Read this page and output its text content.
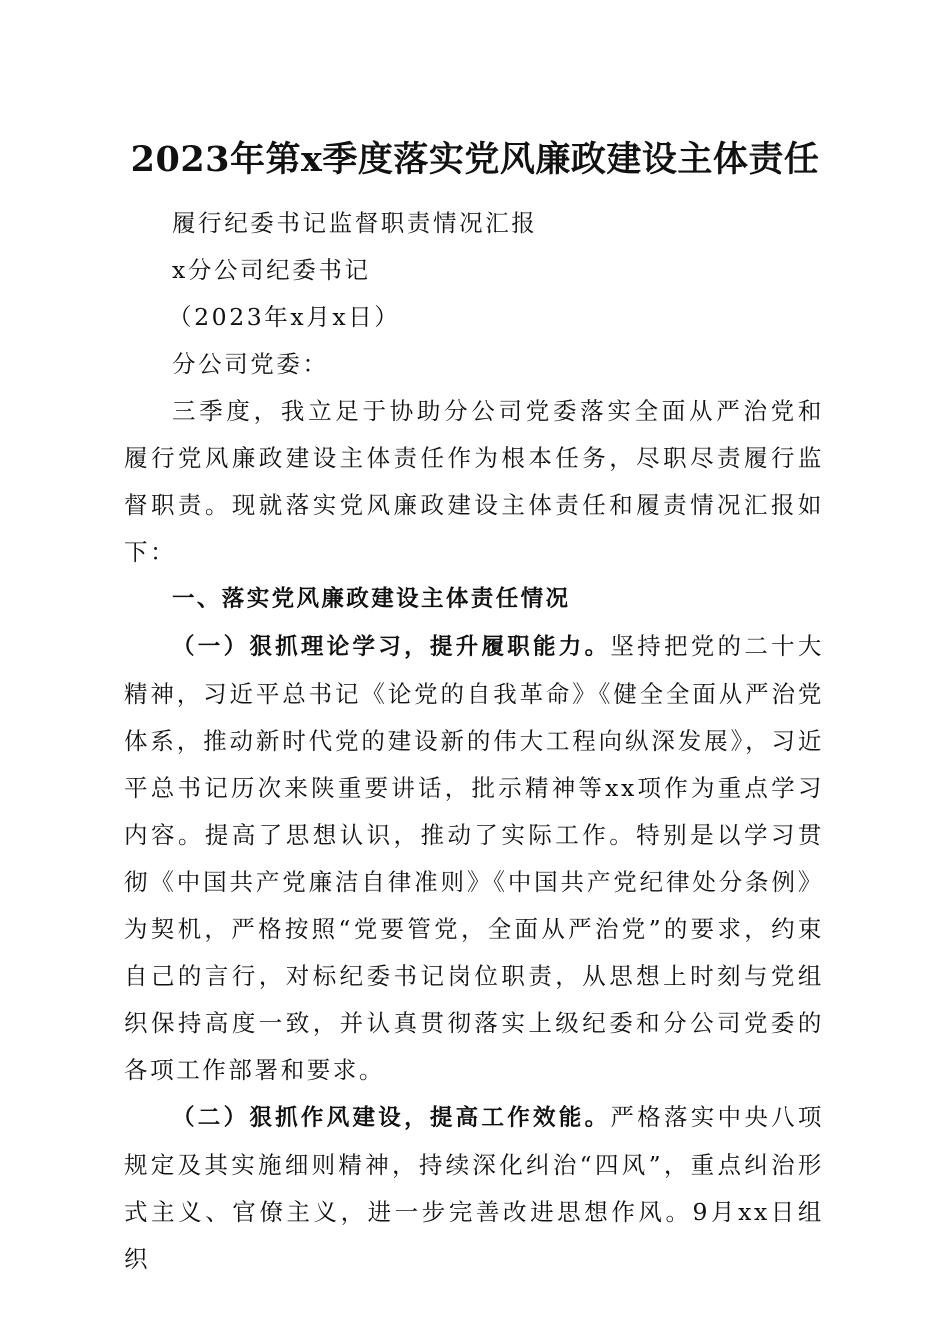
2023年第x季度落实党风廉政建设主体责任

履行纪委书记监督职责情况汇报

x分公司纪委书记

（2023年x月x日）

分公司党委：

三季度，我立足于协助分公司党委落实全面从严治党和履行党风廉政建设主体责任作为根本任务，尽职尽责履行监督职责。现就落实党风廉政建设主体责任和履责情况汇报如下：

一、落实党风廉政建设主体责任情况

（一）狠抓理论学习，提升履职能力。坚持把党的二十大精神，习近平总书记《论党的自我革命》《健全全面从严治党体系，推动新时代党的建设新的伟大工程向纵深发展》，习近平总书记历次来陕重要讲话，批示精神等xx项作为重点学习内容。提高了思想认识，推动了实际工作。特别是以学习贯彻《中国共产党廉洁自律准则》《中国共产党纪律处分条例》为契机，严格按照“党要管党，全面从严治党”的要求，约束自己的言行，对标纪委书记岗位职责，从思想上时刻与党组织保持高度一致，并认真贯彻落实上级纪委和分公司党委的各项工作部署和要求。

（二）狠抓作风建设，提高工作效能。严格落实中央八项规定及其实施细则精神，持续深化纠治“四风”，重点纠治形式主义、官僚主义，进一步完善改进思想作风。9月xx日组织
